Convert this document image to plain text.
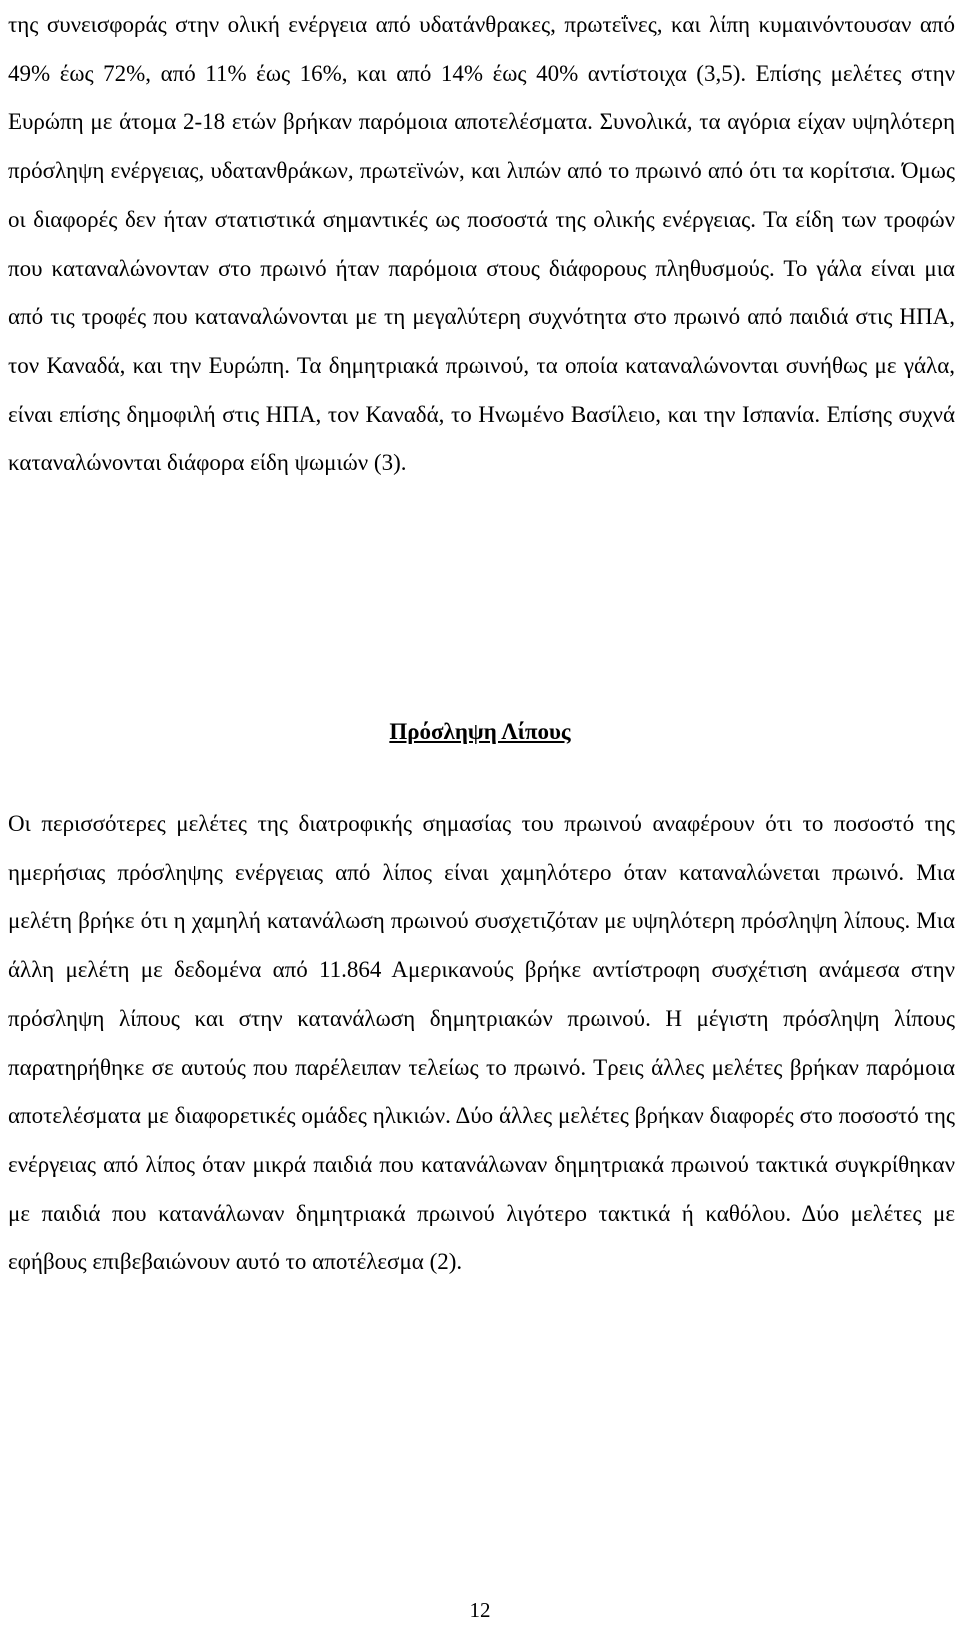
της συνεισφοράς στην ολική ενέργεια από υδατάνθρακες, πρωτεΐνες, και λίπη κυμαινόντουσαν από 49% έως 72%, από 11% έως 16%, και από 14% έως 40% αντίστοιχα (3,5). Επίσης μελέτες στην Ευρώπη με άτομα 2-18 ετών βρήκαν παρόμοια αποτελέσματα. Συνολικά, τα αγόρια είχαν υψηλότερη πρόσληψη ενέργειας, υδατανθράκων, πρωτεϊνών, και λιπών από το πρωινό από ότι τα κορίτσια. Όμως οι διαφορές δεν ήταν στατιστικά σημαντικές ως ποσοστά της ολικής ενέργειας. Τα είδη των τροφών που καταναλώνονταν στο πρωινό ήταν παρόμοια στους διάφορους πληθυσμούς. Το γάλα είναι μια από τις τροφές που καταναλώνονται με τη μεγαλύτερη συχνότητα στο πρωινό από παιδιά στις ΗΠΑ, τον Καναδά, και την Ευρώπη. Τα δημητριακά πρωινού, τα οποία καταναλώνονται συνήθως με γάλα, είναι επίσης δημοφιλή στις ΗΠΑ, τον Καναδά, το Ηνωμένο Βασίλειο, και την Ισπανία. Επίσης συχνά καταναλώνονται διάφορα είδη ψωμιών (3).

Πρόσληψη Λίπους

Οι περισσότερες μελέτες της διατροφικής σημασίας του πρωινού αναφέρουν ότι το ποσοστό της ημερήσιας πρόσληψης ενέργειας από λίπος είναι χαμηλότερο όταν καταναλώνεται πρωινό. Μια μελέτη βρήκε ότι η χαμηλή κατανάλωση πρωινού συσχετιζόταν με υψηλότερη πρόσληψη λίπους. Μια άλλη μελέτη με δεδομένα από 11.864 Αμερικανούς βρήκε αντίστροφη συσχέτιση ανάμεσα στην πρόσληψη λίπους και στην κατανάλωση δημητριακών πρωινού. Η μέγιστη πρόσληψη λίπους παρατηρήθηκε σε αυτούς που παρέλειπαν τελείως το πρωινό. Τρεις άλλες μελέτες βρήκαν παρόμοια αποτελέσματα με διαφορετικές ομάδες ηλικιών. Δύο άλλες μελέτες βρήκαν διαφορές στο ποσοστό της ενέργειας από λίπος όταν μικρά παιδιά που κατανάλωναν δημητριακά πρωινού τακτικά συγκρίθηκαν με παιδιά που κατανάλωναν δημητριακά πρωινού λιγότερο τακτικά ή καθόλου. Δύο μελέτες με εφήβους επιβεβαιώνουν αυτό το αποτέλεσμα (2).

12
